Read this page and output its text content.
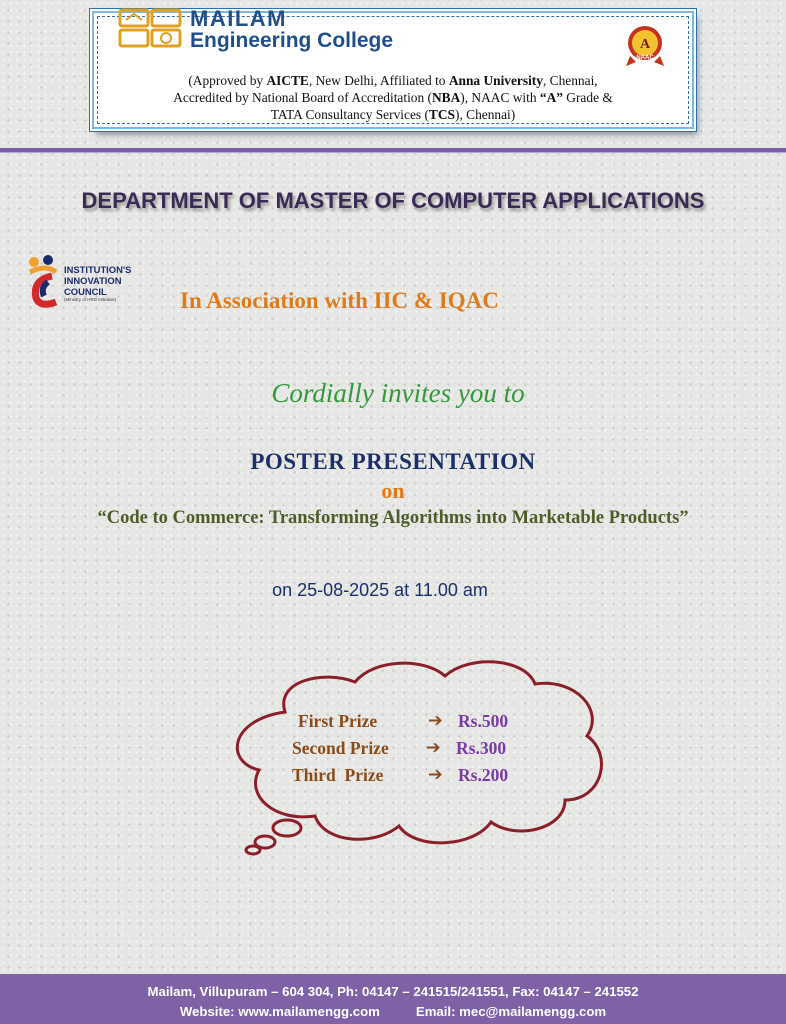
MAILAM
Engineering College	A
NAAC
(Approved by AICTE, New Delhi, Affiliated to Anna University, Chennai,
Accredited by National Board of Accreditation (NBA), NAAC with “A” Grade &
TATA Consultancy Services (TCS), Chennai)
DEPARTMENT OF MASTER OF COMPUTER APPLICATIONS
INSTITUTION'S
INNOVATION
COUNCIL
(Ministry of HRD Initiative)	In Association with IIC & IQAC
Cordially invites you to
POSTER PRESENTATION
on
“Code to Commerce: Transforming Algorithms into Marketable Products”
on 25-08-2025 at 11.00 am
First Prize	➔ Rs.500
Second Prize ➔ Rs.300
Third  Prize	➔ Rs.200
Mailam, Villupuram – 604 304, Ph: 04147 – 241515/241551, Fax: 04147 – 241552
Website: www.mailamengg.com	Email: mec@mailamengg.com
